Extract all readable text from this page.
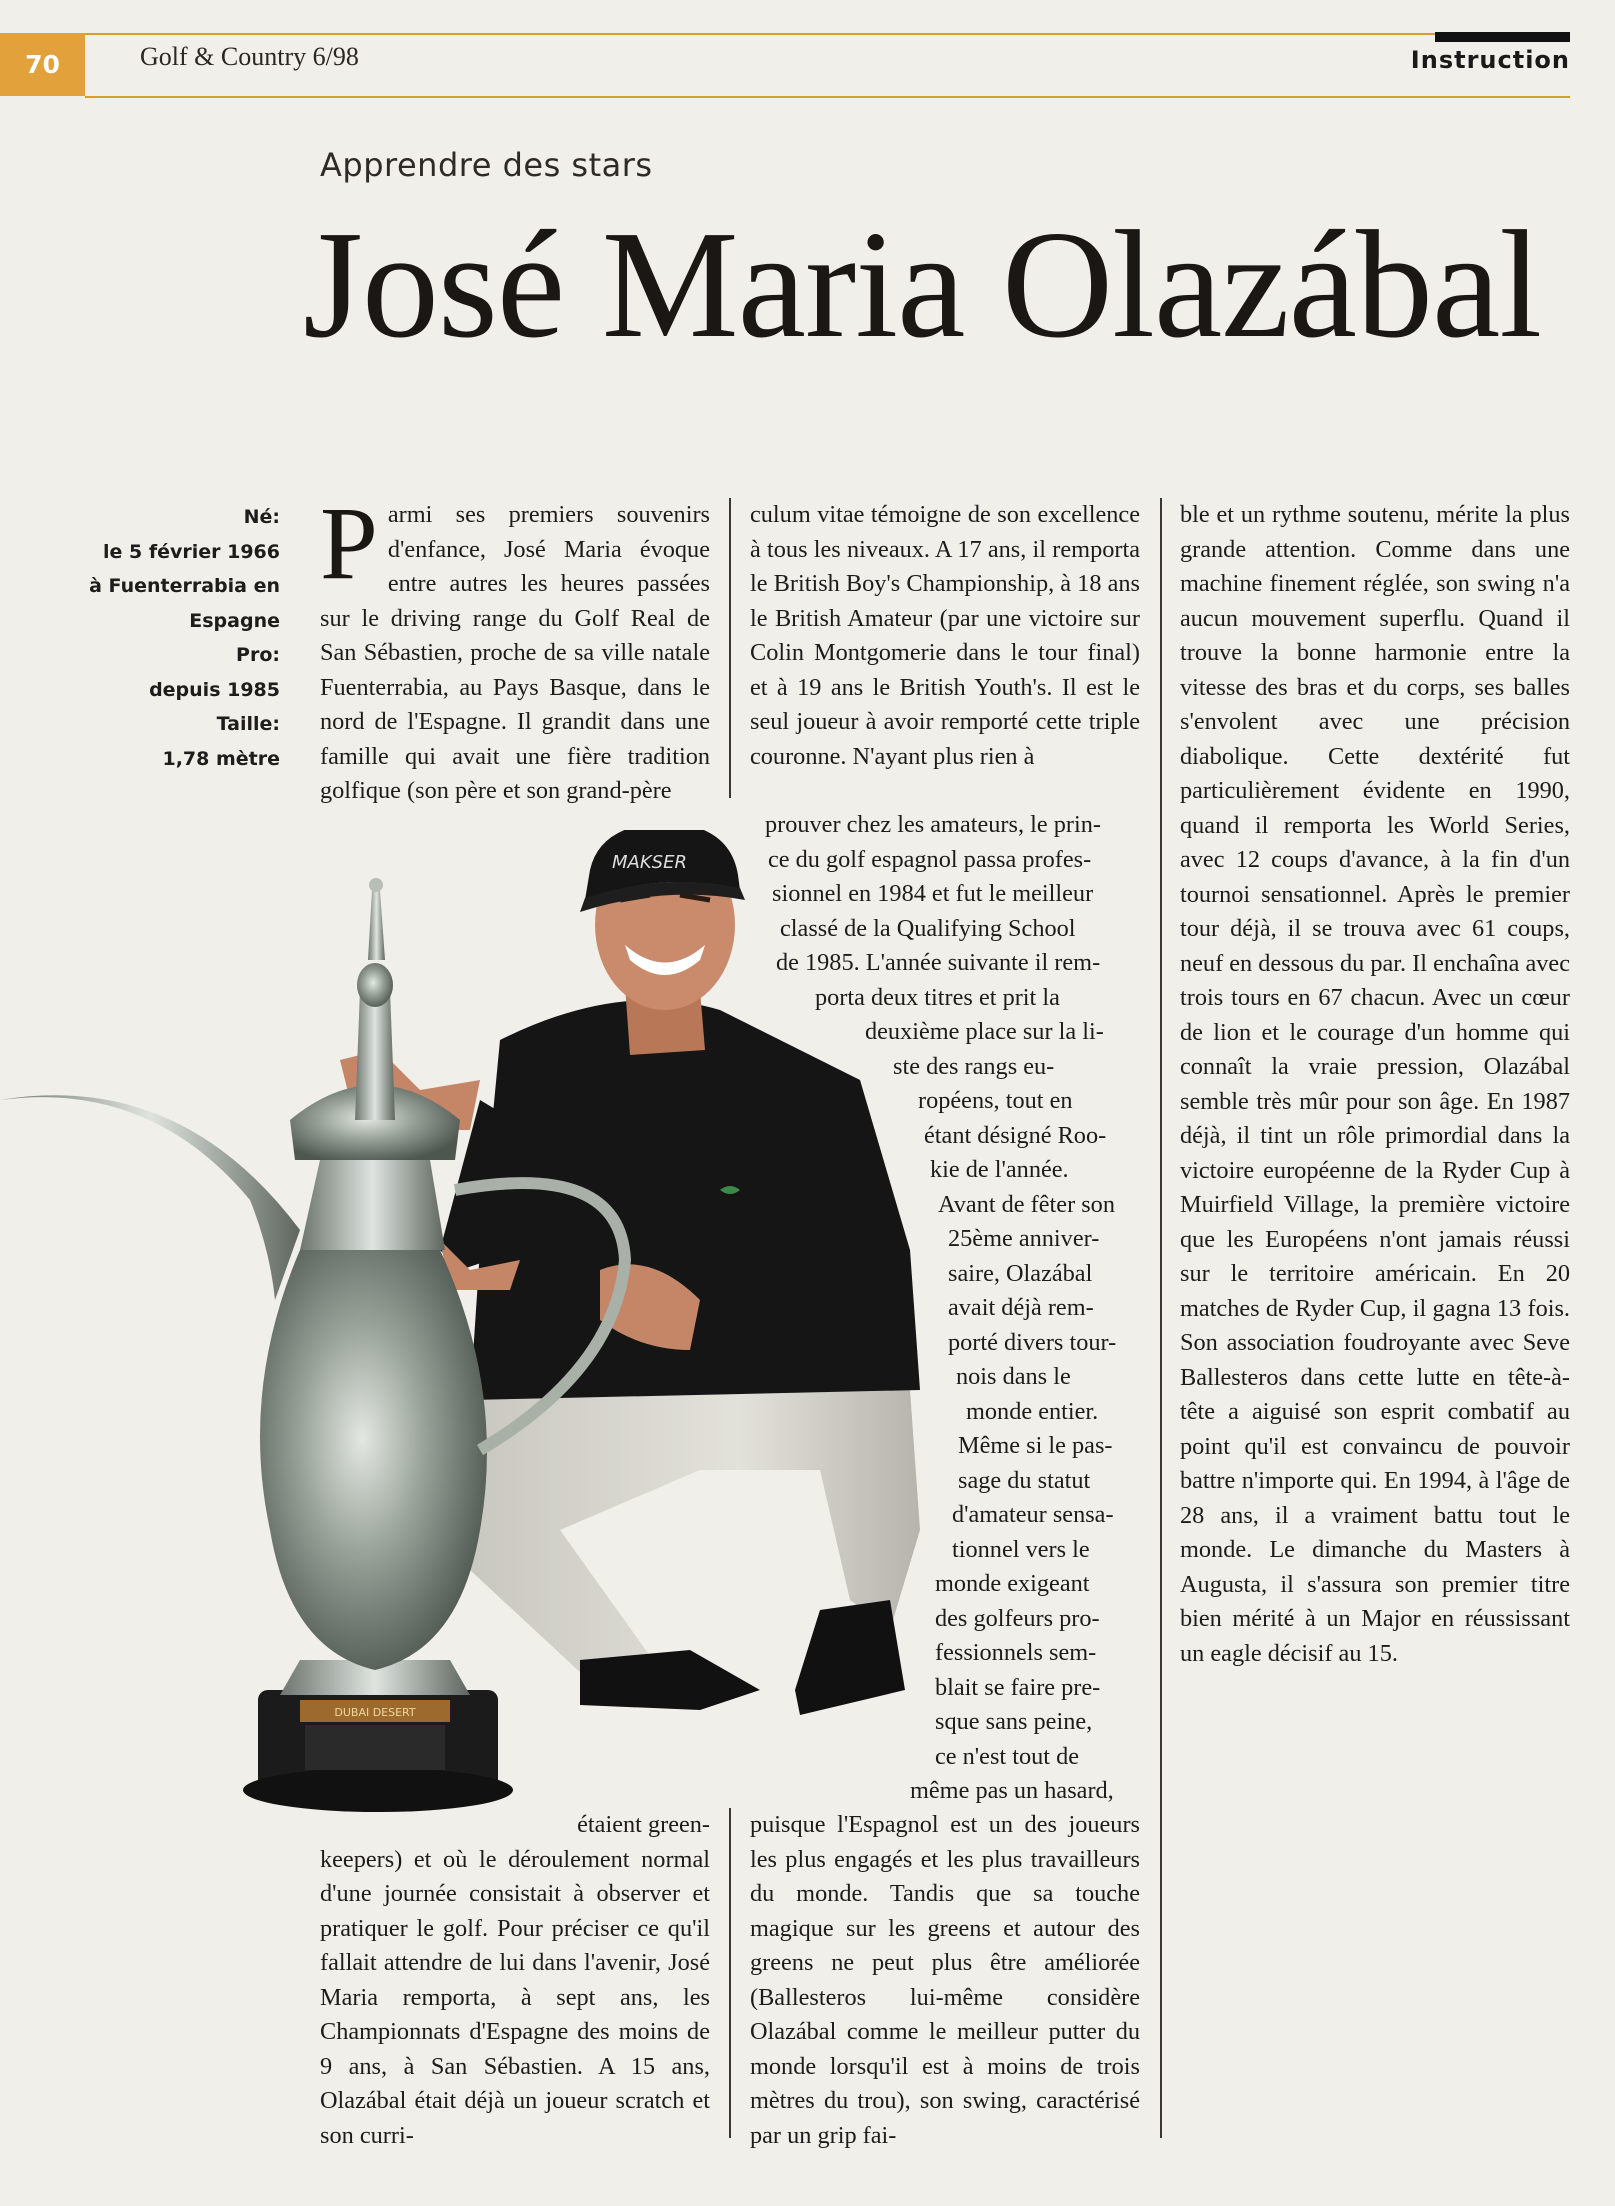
70	Golf & Country 6/98	Instruction
Apprendre des stars
José Maria Olazábal
Né:
le 5 février 1966
à Fuenterrabia en
Espagne
Pro:
depuis 1985
Taille:
1,78 mètre

Parmi ses premiers souvenirs d'enfance, José Maria évoque entre autres les heures passées sur le driving range du Golf Real de San Sébastien, proche de sa ville natale Fuenterrabia, au Pays Basque, dans le nord de l'Espagne. Il grandit dans une famille qui avait une fière tradition golfique (son père et son grand-père

MAKSER
DUBAI DESERT

étaient green-

keepers) et où le déroulement normal d'une journée consistait à observer et pratiquer le golf. Pour préciser ce qu'il fallait attendre de lui dans l'avenir, José Maria remporta, à sept ans, les Championnats d'Espagne des moins de 9 ans, à San Sébastien. A 15 ans, Olazábal était déjà un joueur scratch et son curri-

culum vitae témoigne de son excellence à tous les niveaux. A 17 ans, il remporta le British Boy's Championship, à 18 ans le British Amateur (par une victoire sur Colin Montgomerie dans le tour final) et à 19 ans le British Youth's. Il est le seul joueur à avoir remporté cette triple couronne. N'ayant plus rien à

prouver chez les amateurs, le prin-
ce du golf espagnol passa profes-
sionnel en 1984 et fut le meilleur
classé de la Qualifying School
de 1985. L'année suivante il rem-
porta deux titres et prit la
deuxième place sur la li-
ste des rangs eu-
ropéens, tout en
étant désigné Roo-
kie de l'année.
Avant de fêter son
25ème anniver-
saire, Olazábal
avait déjà rem-
porté divers tour-
nois dans le
monde entier.
Même si le pas-
sage du statut
d'amateur sensa-
tionnel vers le
monde exigeant
des golfeurs pro-
fessionnels sem-
blait se faire pre-
sque sans peine,
ce n'est tout de
même pas un hasard,

puisque l'Espagnol est un des joueurs les plus engagés et les plus travailleurs du monde. Tandis que sa touche magique sur les greens et autour des greens ne peut plus être améliorée (Ballesteros lui-même considère Olazábal comme le meilleur putter du monde lorsqu'il est à moins de trois mètres du trou), son swing, caractérisé par un grip fai-

ble et un rythme soutenu, mérite la plus grande attention. Comme dans une machine finement réglée, son swing n'a aucun mouvement superflu. Quand il trouve la bonne harmonie entre la vitesse des bras et du corps, ses balles s'envolent avec une précision diabolique. Cette dextérité fut particulièrement évidente en 1990, quand il remporta les World Series, avec 12 coups d'avance, à la fin d'un tournoi sensationnel. Après le premier tour déjà, il se trouva avec 61 coups, neuf en dessous du par. Il enchaîna avec trois tours en 67 chacun. Avec un cœur de lion et le courage d'un homme qui connaît la vraie pression, Olazábal semble très mûr pour son âge. En 1987 déjà, il tint un rôle primordial dans la victoire européenne de la Ryder Cup à Muirfield Village, la première victoire que les Européens n'ont jamais réussi sur le territoire américain. En 20 matches de Ryder Cup, il gagna 13 fois. Son association foudroyante avec Seve Ballesteros dans cette lutte en tête-à-tête a aiguisé son esprit combatif au point qu'il est convaincu de pouvoir battre n'importe qui. En 1994, à l'âge de 28 ans, il a vraiment battu tout le monde. Le dimanche du Masters à Augusta, il s'assura son premier titre bien mérité à un Major en réussissant un eagle décisif au 15.
